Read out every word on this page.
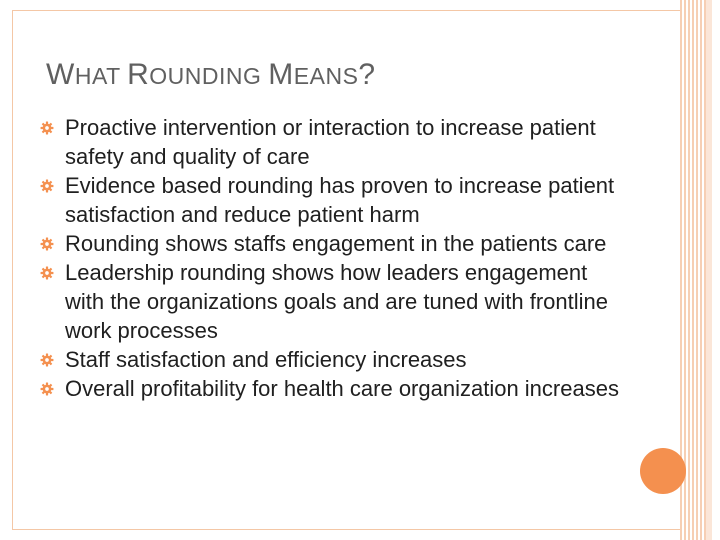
WHAT ROUNDING MEANS?
Proactive intervention or interaction to increase patient safety and quality of care
Evidence based rounding has proven to increase patient satisfaction and reduce patient harm
Rounding shows staffs engagement in the patients care
Leadership rounding shows how leaders engagement with the organizations goals and are tuned with frontline work processes
Staff satisfaction and efficiency increases
Overall profitability for health care organization increases
